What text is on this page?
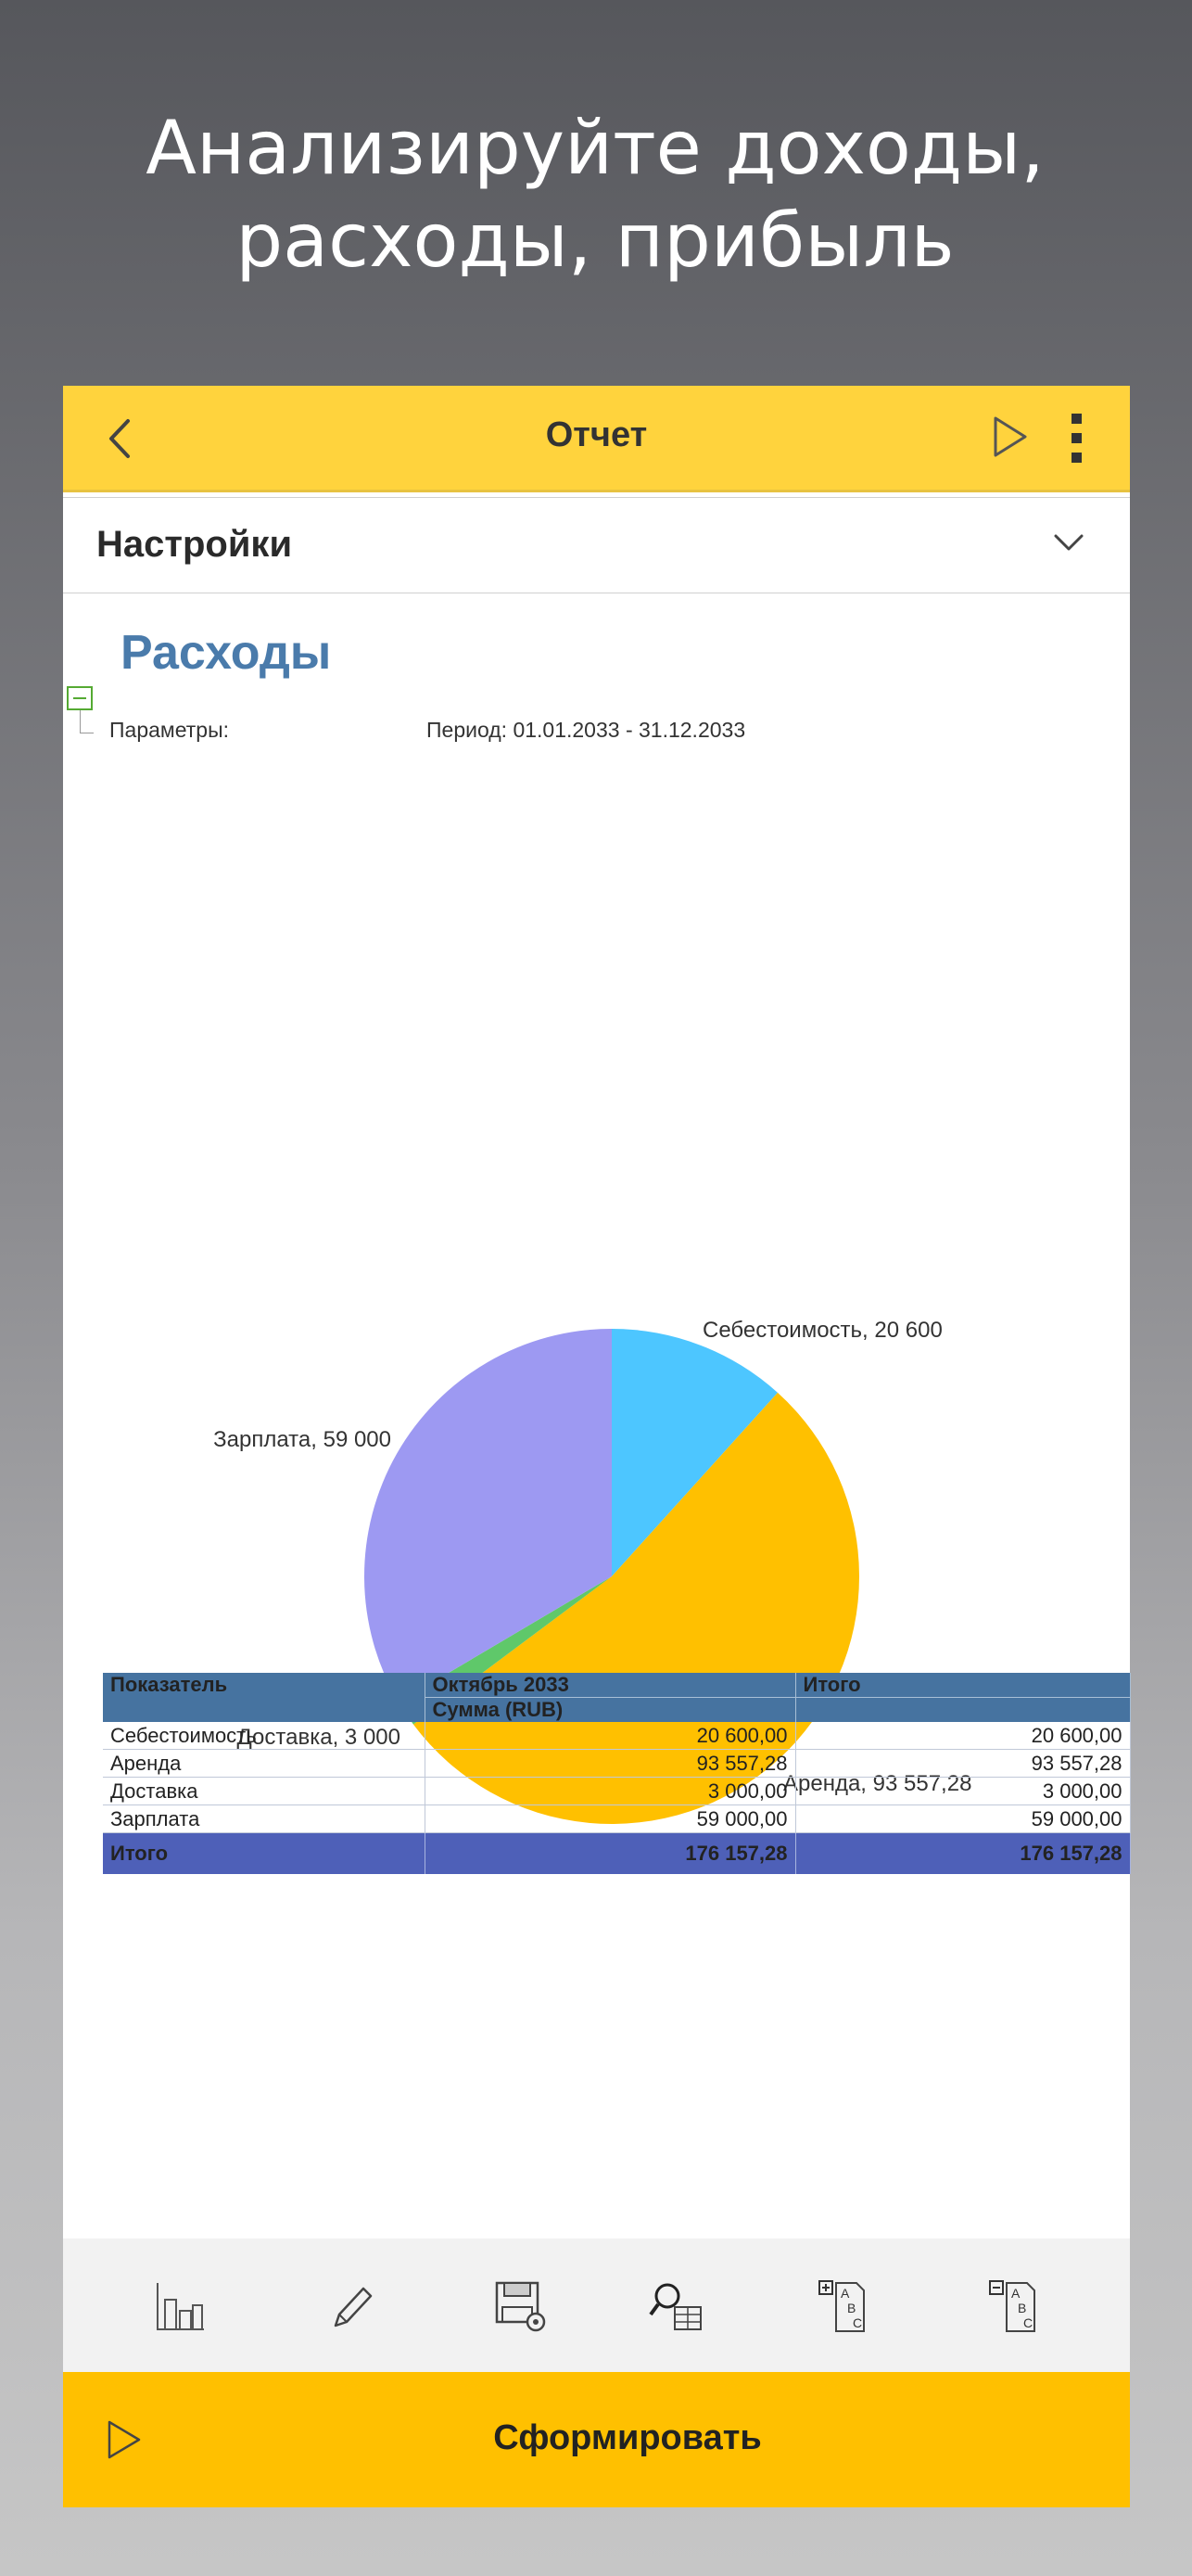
Анализируйте доходы,
расходы, прибыль
Отчет
Настройки
Расходы
Параметры:	Период: 01.01.2033 - 31.12.2033
Себестоимость, 20 600
Аренда, 93 557,28
Доставка, 3 000
Зарплата, 59 000
Показатель	Октябрь 2033	Итого
	Сумма (RUB)	
Себестоимость	20 600,00	20 600,00
Аренда	93 557,28	93 557,28
Доставка	3 000,00	3 000,00
Зарплата	59 000,00	59 000,00
Итого	176 157,28	176 157,28
A
B
C
A
B
C
Сформировать
